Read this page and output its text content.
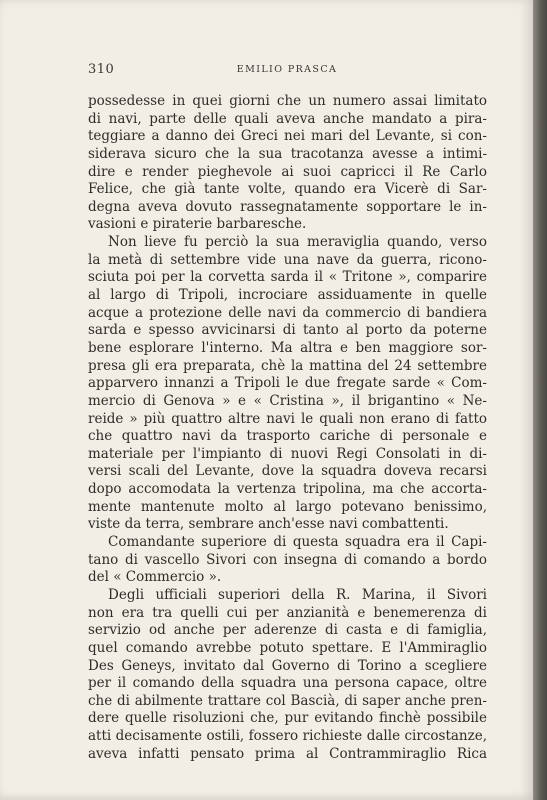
310	EMILIO PRASCA
possedesse in quei giorni che un numero assai limitato
di navi, parte delle quali aveva anche mandato a pira-
teggiare a danno dei Greci nei mari del Levante, si con-
siderava sicuro che la sua tracotanza avesse a intimi-
dire e render pieghevole ai suoi capricci il Re Carlo
Felice, che già tante volte, quando era Vicerè di Sar-
degna aveva dovuto rassegnatamente sopportare le in-
vasioni e piraterie barbaresche.
Non lieve fu perciò la sua meraviglia quando, verso
la metà di settembre vide una nave da guerra, ricono-
sciuta poi per la corvetta sarda il « Tritone », comparire
al largo di Tripoli, incrociare assiduamente in quelle
acque a protezione delle navi da commercio di bandiera
sarda e spesso avvicinarsi di tanto al porto da poterne
bene esplorare l'interno. Ma altra e ben maggiore sor-
presa gli era preparata, chè la mattina del 24 settembre
apparvero innanzi a Tripoli le due fregate sarde « Com-
mercio di Genova » e « Cristina », il brigantino « Ne-
reide » più quattro altre navi le quali non erano di fatto
che quattro navi da trasporto cariche di personale e
materiale per l'impianto di nuovi Regi Consolati in di-
versi scali del Levante, dove la squadra doveva recarsi
dopo accomodata la vertenza tripolina, ma che accorta-
mente mantenute molto al largo potevano benissimo,
viste da terra, sembrare anch'esse navi combattenti.
Comandante superiore di questa squadra era il Capi-
tano di vascello Sivori con insegna di comando a bordo
del « Commercio ».
Degli ufficiali superiori della R. Marina, il Sivori
non era tra quelli cui per anzianità e benemerenza di
servizio od anche per aderenze di casta e di famiglia,
quel comando avrebbe potuto spettare. E l'Ammiraglio
Des Geneys, invitato dal Governo di Torino a scegliere
per il comando della squadra una persona capace, oltre
che di abilmente trattare col Bascià, di saper anche pren-
dere quelle risoluzioni che, pur evitando finchè possibile
atti decisamente ostili, fossero richieste dalle circostanze,
aveva infatti pensato prima al Contrammiraglio Rica
